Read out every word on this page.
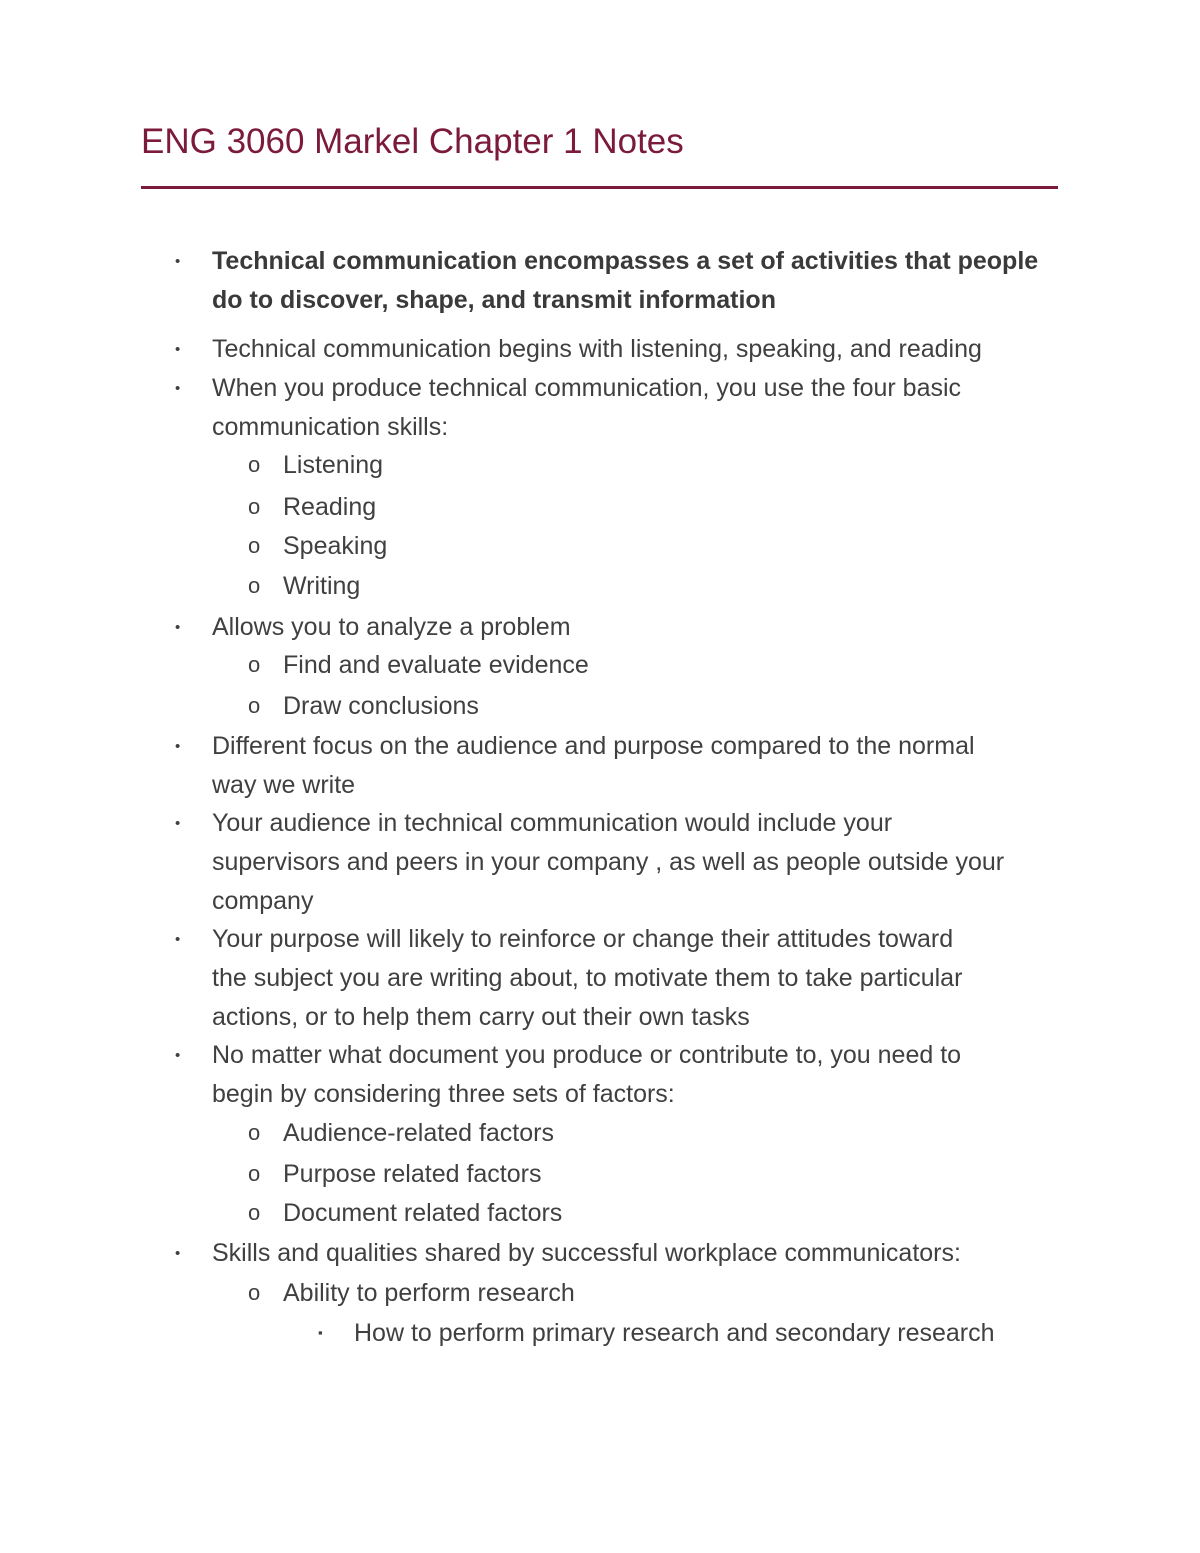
ENG 3060 Markel Chapter 1 Notes
• Technical communication encompasses a set of activities that people
do to discover, shape, and transmit information
• Technical communication begins with listening, speaking, and reading
• When you produce technical communication, you use the four basic
communication skills:
o Listening
o Reading
o Speaking
o Writing
• Allows you to analyze a problem
o Find and evaluate evidence
o Draw conclusions
• Different focus on the audience and purpose compared to the normal
way we write
• Your audience in technical communication would include your
supervisors and peers in your company , as well as people outside your
company
• Your purpose will likely to reinforce or change their attitudes toward
the subject you are writing about, to motivate them to take particular
actions, or to help them carry out their own tasks
• No matter what document you produce or contribute to, you need to
begin by considering three sets of factors:
o Audience-related factors
o Purpose related factors
o Document related factors
• Skills and qualities shared by successful workplace communicators:
o Ability to perform research
▪ How to perform primary research and secondary research
